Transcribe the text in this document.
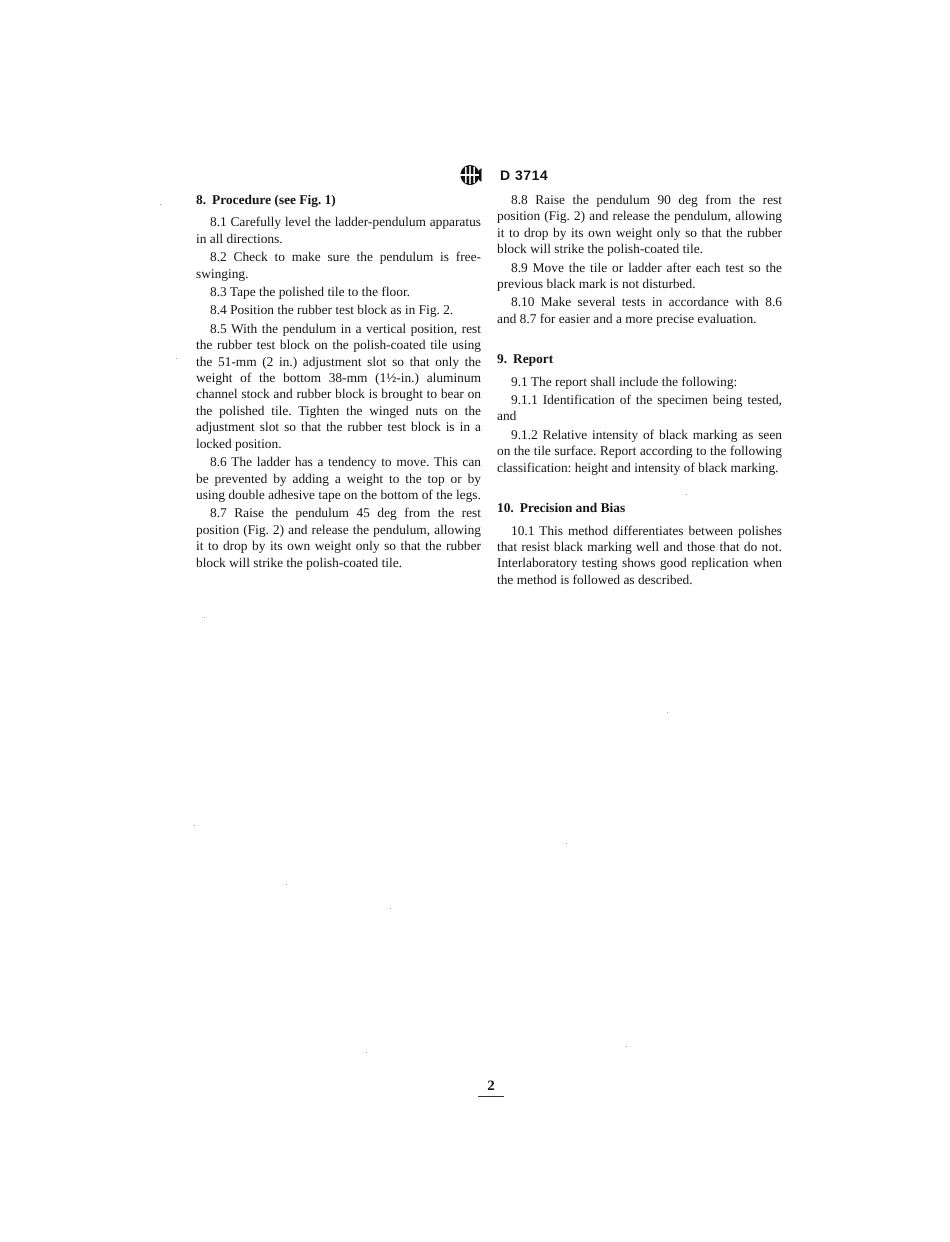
D 3714
8. Procedure (see Fig. 1)

8.1 Carefully level the ladder-pendulum apparatus in all directions.

8.2 Check to make sure the pendulum is free-swinging.

8.3 Tape the polished tile to the floor.

8.4 Position the rubber test block as in Fig. 2.

8.5 With the pendulum in a vertical position, rest the rubber test block on the polish-coated tile using the 51-mm (2 in.) adjustment slot so that only the weight of the bottom 38-mm (1½-in.) aluminum channel stock and rubber block is brought to bear on the polished tile. Tighten the winged nuts on the adjustment slot so that the rubber test block is in a locked position.

8.6 The ladder has a tendency to move. This can be prevented by adding a weight to the top or by using double adhesive tape on the bottom of the legs.

8.7 Raise the pendulum 45 deg from the rest position (Fig. 2) and release the pendulum, allowing it to drop by its own weight only so that the rubber block will strike the polish-coated tile.

8.8 Raise the pendulum 90 deg from the rest position (Fig. 2) and release the pendulum, allowing it to drop by its own weight only so that the rubber block will strike the polish-coated tile.

8.9 Move the tile or ladder after each test so the previous black mark is not disturbed.

8.10 Make several tests in accordance with 8.6 and 8.7 for easier and a more precise evaluation.

9. Report

9.1 The report shall include the following:

9.1.1 Identification of the specimen being tested, and

9.1.2 Relative intensity of black marking as seen on the tile surface. Report according to the following classification: height and intensity of black marking.

10. Precision and Bias

10.1 This method differentiates between polishes that resist black marking well and those that do not. Interlaboratory testing shows good replication when the method is followed as described.

2
